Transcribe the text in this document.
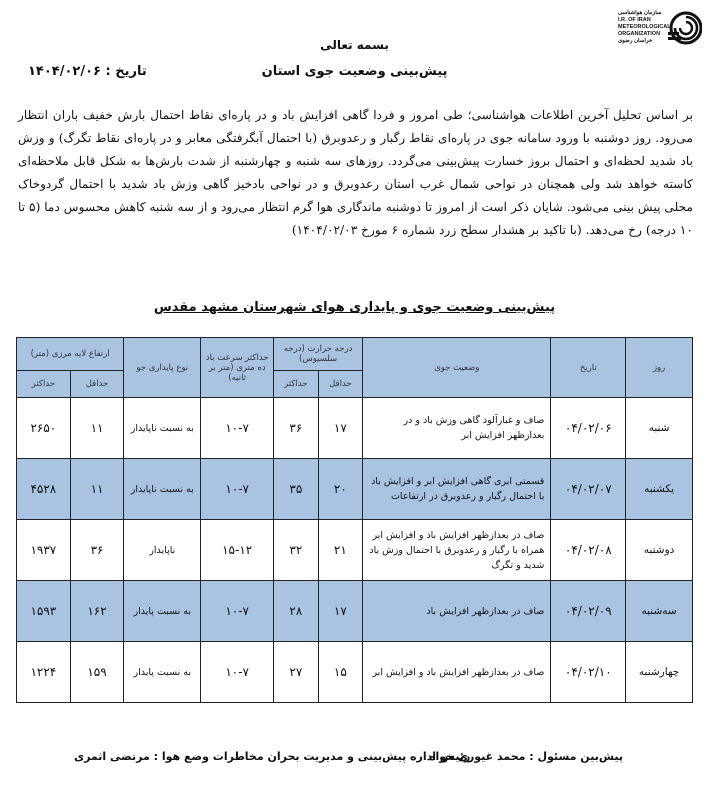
سازمان هواشناسی
I.R. OF IRAN
METEOROLOGICAL
ORGANIZATION
خراسان رضوی
بسمه تعالی
پیش‌بینی وضعیت جوی استان
تاریخ : ۱۴۰۴/۰۲/۰۶
بر اساس تحلیل آخرین اطلاعات هواشناسی؛ طی امروز و فردا گاهی افزایش باد و در پاره‌ای نقاط احتمال بارش خفیف باران انتظار می‌رود. روز دوشنبه با ورود سامانه جوی در پاره‌ای نقاط رگبار و رعدوبرق (با احتمال آبگرفتگی معابر و در پاره‌ای نقاط تگرگ) و وزش باد شدید لحظه‌ای و احتمال بروز خسارت پیش‌بینی می‌گردد. روزهای سه شنبه و چهارشنبه از شدت بارش‌ها به شکل قابل ملاحظه‌ای کاسته خواهد شد ولی همچنان در نواحی شمال غرب استان رعدوبرق و در نواحی بادخیز گاهی وزش باد شدید با احتمال گردوخاک محلی پیش بینی می‌شود. شایان ذکر است از امروز تا دوشنبه ماندگاری هوا گرم انتظار می‌رود و از سه شنبه کاهش محسوس دما (۵ تا ۱۰ درجه) رخ می‌دهد. (با تاکید بر هشدار سطح زرد شماره ۶ مورخ ۱۴۰۴/۰۲/۰۳)
پیش‌بینی وضعیت جوی و پایداری هوای شهرستان مشهد مقدس
روز	تاریخ	وضعیت جوی	درجه حرارت (درجه سلسیوس)		حداکثر سرعت باد ده متری (متر بر ثانیه)	نوع پایداری جو	ارتفاع لایه مرزی (متر)	
			حداقل	حداکثر			حداقل	حداکثر
شنبه	۰۴/۰۲/۰۶	صاف و غبارآلود گاهی وزش باد و در بعدازظهر افزایش ابر	۱۷	۳۶	۱۰-۷	به نسبت ناپایدار	۱۱	۲۶۵۰
یکشنبه	۰۴/۰۲/۰۷	قسمتی ابری گاهی افزایش ابر و افزایش باد با احتمال رگبار و رعدوبرق در ارتفاعات	۲۰	۳۵	۱۰-۷	به نسبت ناپایدار	۱۱	۴۵۲۸
دوشنبه	۰۴/۰۲/۰۸	صاف در بعدازظهر افزایش باد و افزایش ابر همراه با رگبار و رعدوبرق با احتمال وزش باد شدید و تگرگ	۲۱	۳۲	۱۵-۱۲	ناپایدار	۳۶	۱۹۳۷
سه‌شنبه	۰۴/۰۲/۰۹	صاف در بعدازظهر افزایش باد	۱۷	۲۸	۱۰-۷	به نسبت پایدار	۱۶۲	۱۵۹۳
چهارشنبه	۰۴/۰۲/۱۰	صاف در بعدازظهر افزایش باد و افزایش ابر	۱۵	۲۷	۱۰-۷	به نسبت پایدار	۱۵۹	۱۲۲۴
پیش‌بین مسئول : محمد غیوری خواه
رئیس اداره پیش‌بینی و مدیریت بحران مخاطرات وضع هوا : مرتضی اثمری
